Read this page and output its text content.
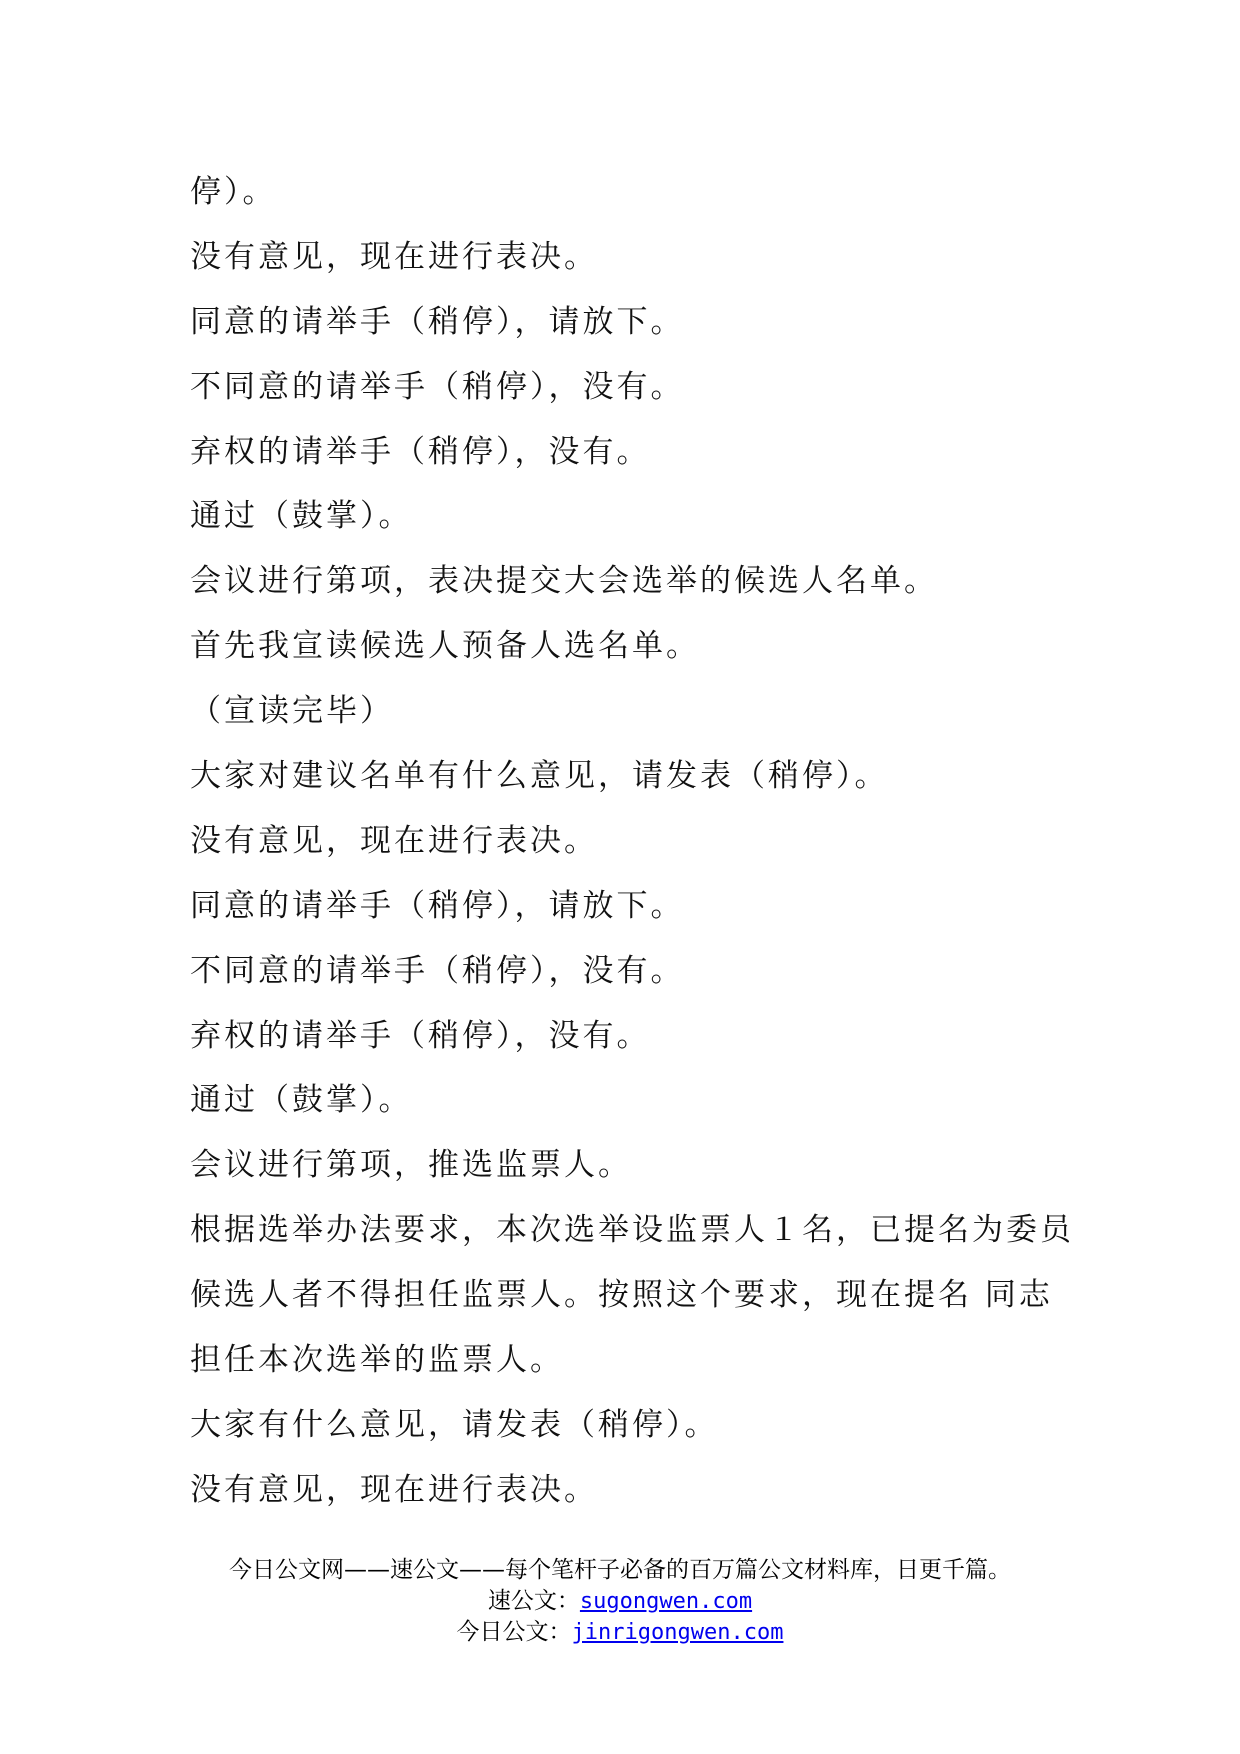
停）。
没有意见，现在进行表决。
同意的请举手（稍停），请放下。
不同意的请举手（稍停），没有。
弃权的请举手（稍停），没有。
通过（鼓掌）。
会议进行第项，表决提交大会选举的候选人名单。
首先我宣读候选人预备人选名单。
（宣读完毕）
大家对建议名单有什么意见，请发表（稍停）。
没有意见，现在进行表决。
同意的请举手（稍停），请放下。
不同意的请举手（稍停），没有。
弃权的请举手（稍停），没有。
通过（鼓掌）。
会议进行第项，推选监票人。
根据选举办法要求，本次选举设监票人１名，已提名为委员
候选人者不得担任监票人。按照这个要求，现在提名 同志
担任本次选举的监票人。
大家有什么意见，请发表（稍停）。
没有意见，现在进行表决。
今日公文网——速公文——每个笔杆子必备的百万篇公文材料库，日更千篇。
速公文：sugongwen.com
今日公文：jinrigongwen.com
